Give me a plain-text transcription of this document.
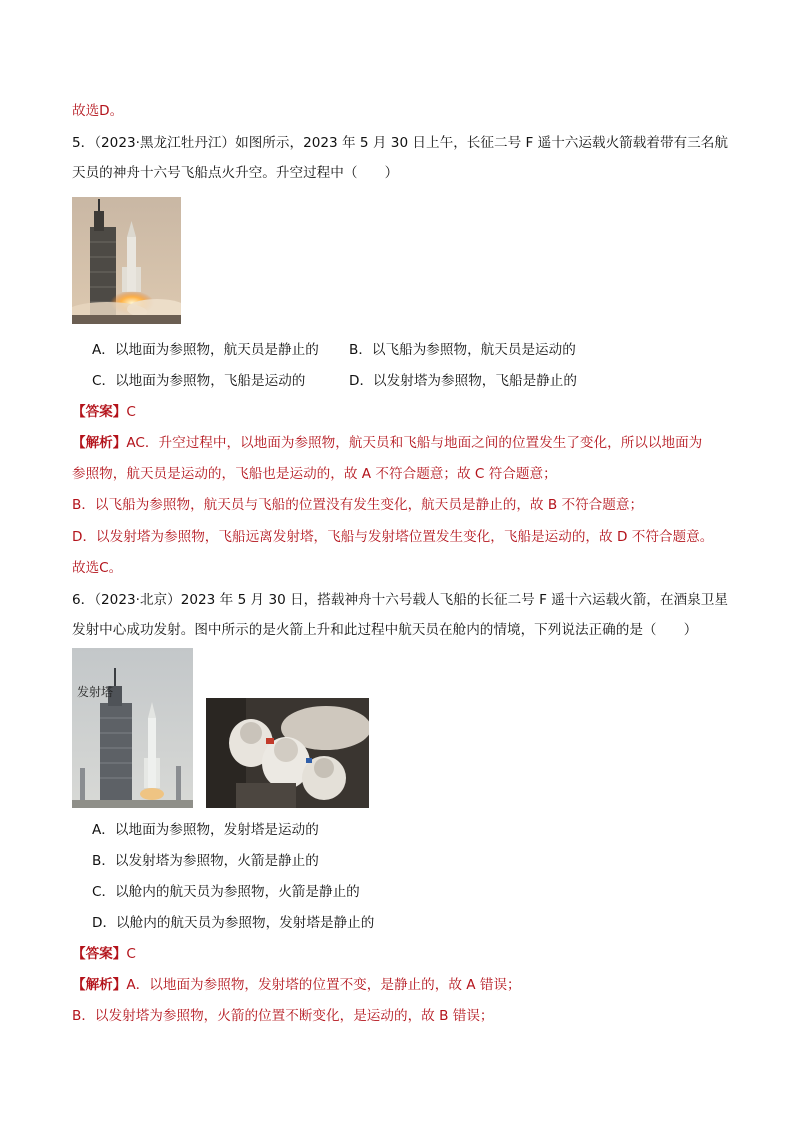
故选D。
5．（2023·黑龙江牡丹江）如图所示，2023 年 5 月 30 日上午，长征二号 F 遥十六运载火箭载着带有三名航
天员的神舟十六号飞船点火升空。升空过程中（　　）
A．以地面为参照物，航天员是静止的 B．以飞船为参照物，航天员是运动的
C．以地面为参照物，飞船是运动的	D．以发射塔为参照物，飞船是静止的
【答案】C
【解析】AC．升空过程中，以地面为参照物，航天员和飞船与地面之间的位置发生了变化，所以以地面为
参照物，航天员是运动的，飞船也是运动的，故 A 不符合题意；故 C 符合题意；
B．以飞船为参照物，航天员与飞船的位置没有发生变化，航天员是静止的，故 B 不符合题意；
D．以发射塔为参照物，飞船远离发射塔，飞船与发射塔位置发生变化，飞船是运动的，故 D 不符合题意。
故选C。
6．（2023·北京）2023 年 5 月 30 日，搭载神舟十六号载人飞船的长征二号 F 遥十六运载火箭，在酒泉卫星
发射中心成功发射。图中所示的是火箭上升和此过程中航天员在舱内的情境，下列说法正确的是（　　）
发射塔
A．以地面为参照物，发射塔是运动的
B．以发射塔为参照物，火箭是静止的
C．以舱内的航天员为参照物，火箭是静止的
D．以舱内的航天员为参照物，发射塔是静止的
【答案】C
【解析】A．以地面为参照物，发射塔的位置不变，是静止的，故 A 错误；
B．以发射塔为参照物，火箭的位置不断变化，是运动的，故 B 错误；
